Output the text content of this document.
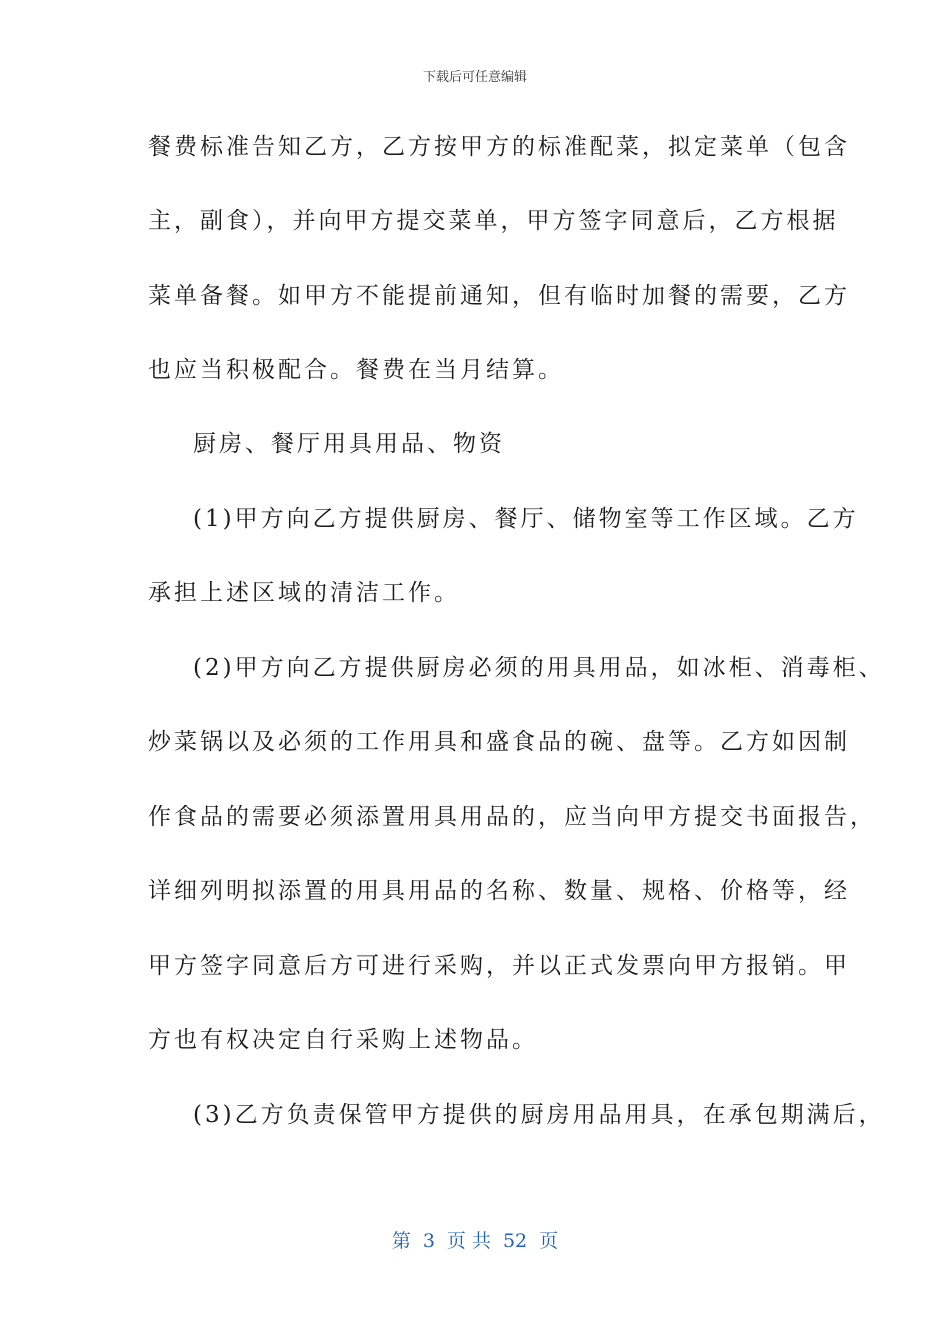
下载后可任意编辑
餐费标准告知乙方，乙方按甲方的标准配菜，拟定菜单（包含
主，副食），并向甲方提交菜单，甲方签字同意后，乙方根据
菜单备餐。如甲方不能提前通知，但有临时加餐的需要，乙方
也应当积极配合。餐费在当月结算。
厨房、餐厅用具用品、物资
(1)甲方向乙方提供厨房、餐厅、储物室等工作区域。乙方
承担上述区域的清洁工作。
(2)甲方向乙方提供厨房必须的用具用品，如冰柜、消毒柜、
炒菜锅以及必须的工作用具和盛食品的碗、盘等。乙方如因制
作食品的需要必须添置用具用品的，应当向甲方提交书面报告，
详细列明拟添置的用具用品的名称、数量、规格、价格等，经
甲方签字同意后方可进行采购，并以正式发票向甲方报销。甲
方也有权决定自行采购上述物品。
(3)乙方负责保管甲方提供的厨房用品用具，在承包期满后，
第 3 页 共 52 页
